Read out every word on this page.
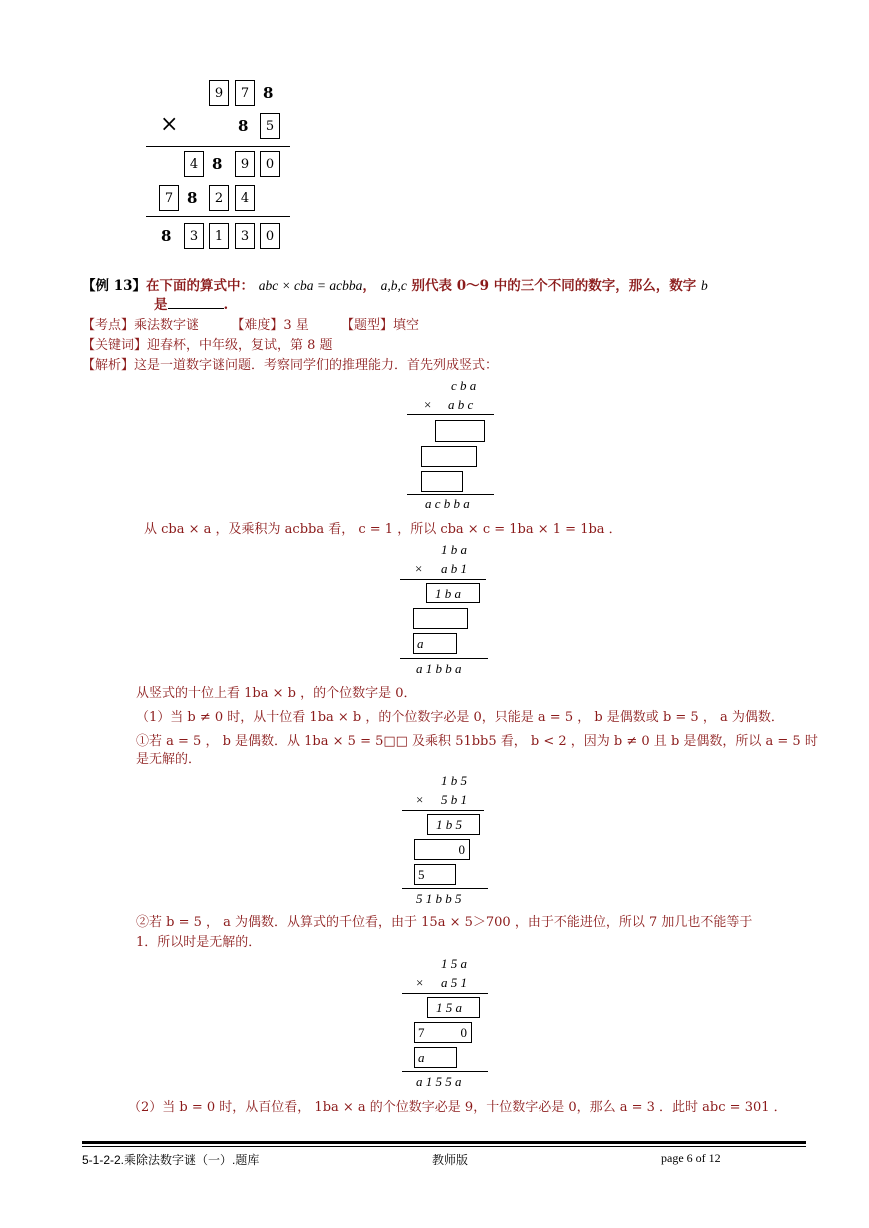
9 7 8
×	8 5
4 8 9 0
7 8 2 4
8 3 1 3 0
【例 13】在下面的算式中： abc × cba = acbba， a,b,c 别代表 0～9 中的三个不同的数字，那么，数字 b
是	.
【考点】乘法数字谜 【难度】3 星 【题型】填空
【关键词】迎春杯，中年级，复试，第 8 题
【解析】这是一道数字谜问题．考察同学们的推理能力．首先列成竖式：
c b a
× a b c
a c b b a
从 cba × a ，及乘积为 acbba 看， c = 1 ，所以 cba × c = 1ba × 1 = 1ba ．
1 b a
× a b 1
1 b a
a
a 1 b b a
从竖式的十位上看 1ba × b ，的个位数字是 0．
（1）当 b ≠ 0 时，从十位看 1ba × b ，的个位数字必是 0，只能是 a = 5 ， b 是偶数或 b = 5 ， a 为偶数．
①若 a = 5 ， b 是偶数．从 1ba × 5 = 5□□ 及乘积 51bb5 看， b < 2 ，因为 b ≠ 0 且 b 是偶数，所以 a = 5 时
是无解的．
1 b 5
× 5 b 1
1 b 5
0
5
5 1 b b 5
②若 b = 5 ， a 为偶数．从算式的千位看，由于 15a × 5＞700 ，由于不能进位，所以 7 加几也不能等于
1．所以时是无解的．
1 5 a
× a 5 1
1 5 a
7	0
a
a 1 5 5 a
（2）当 b = 0 时，从百位看， 1ba × a 的个位数字必是 9，十位数字必是 0，那么 a = 3 ．此时 abc = 301 ．
5-1-2-2.乘除法数字谜（一）.题库	教师版	page 6 of 12
